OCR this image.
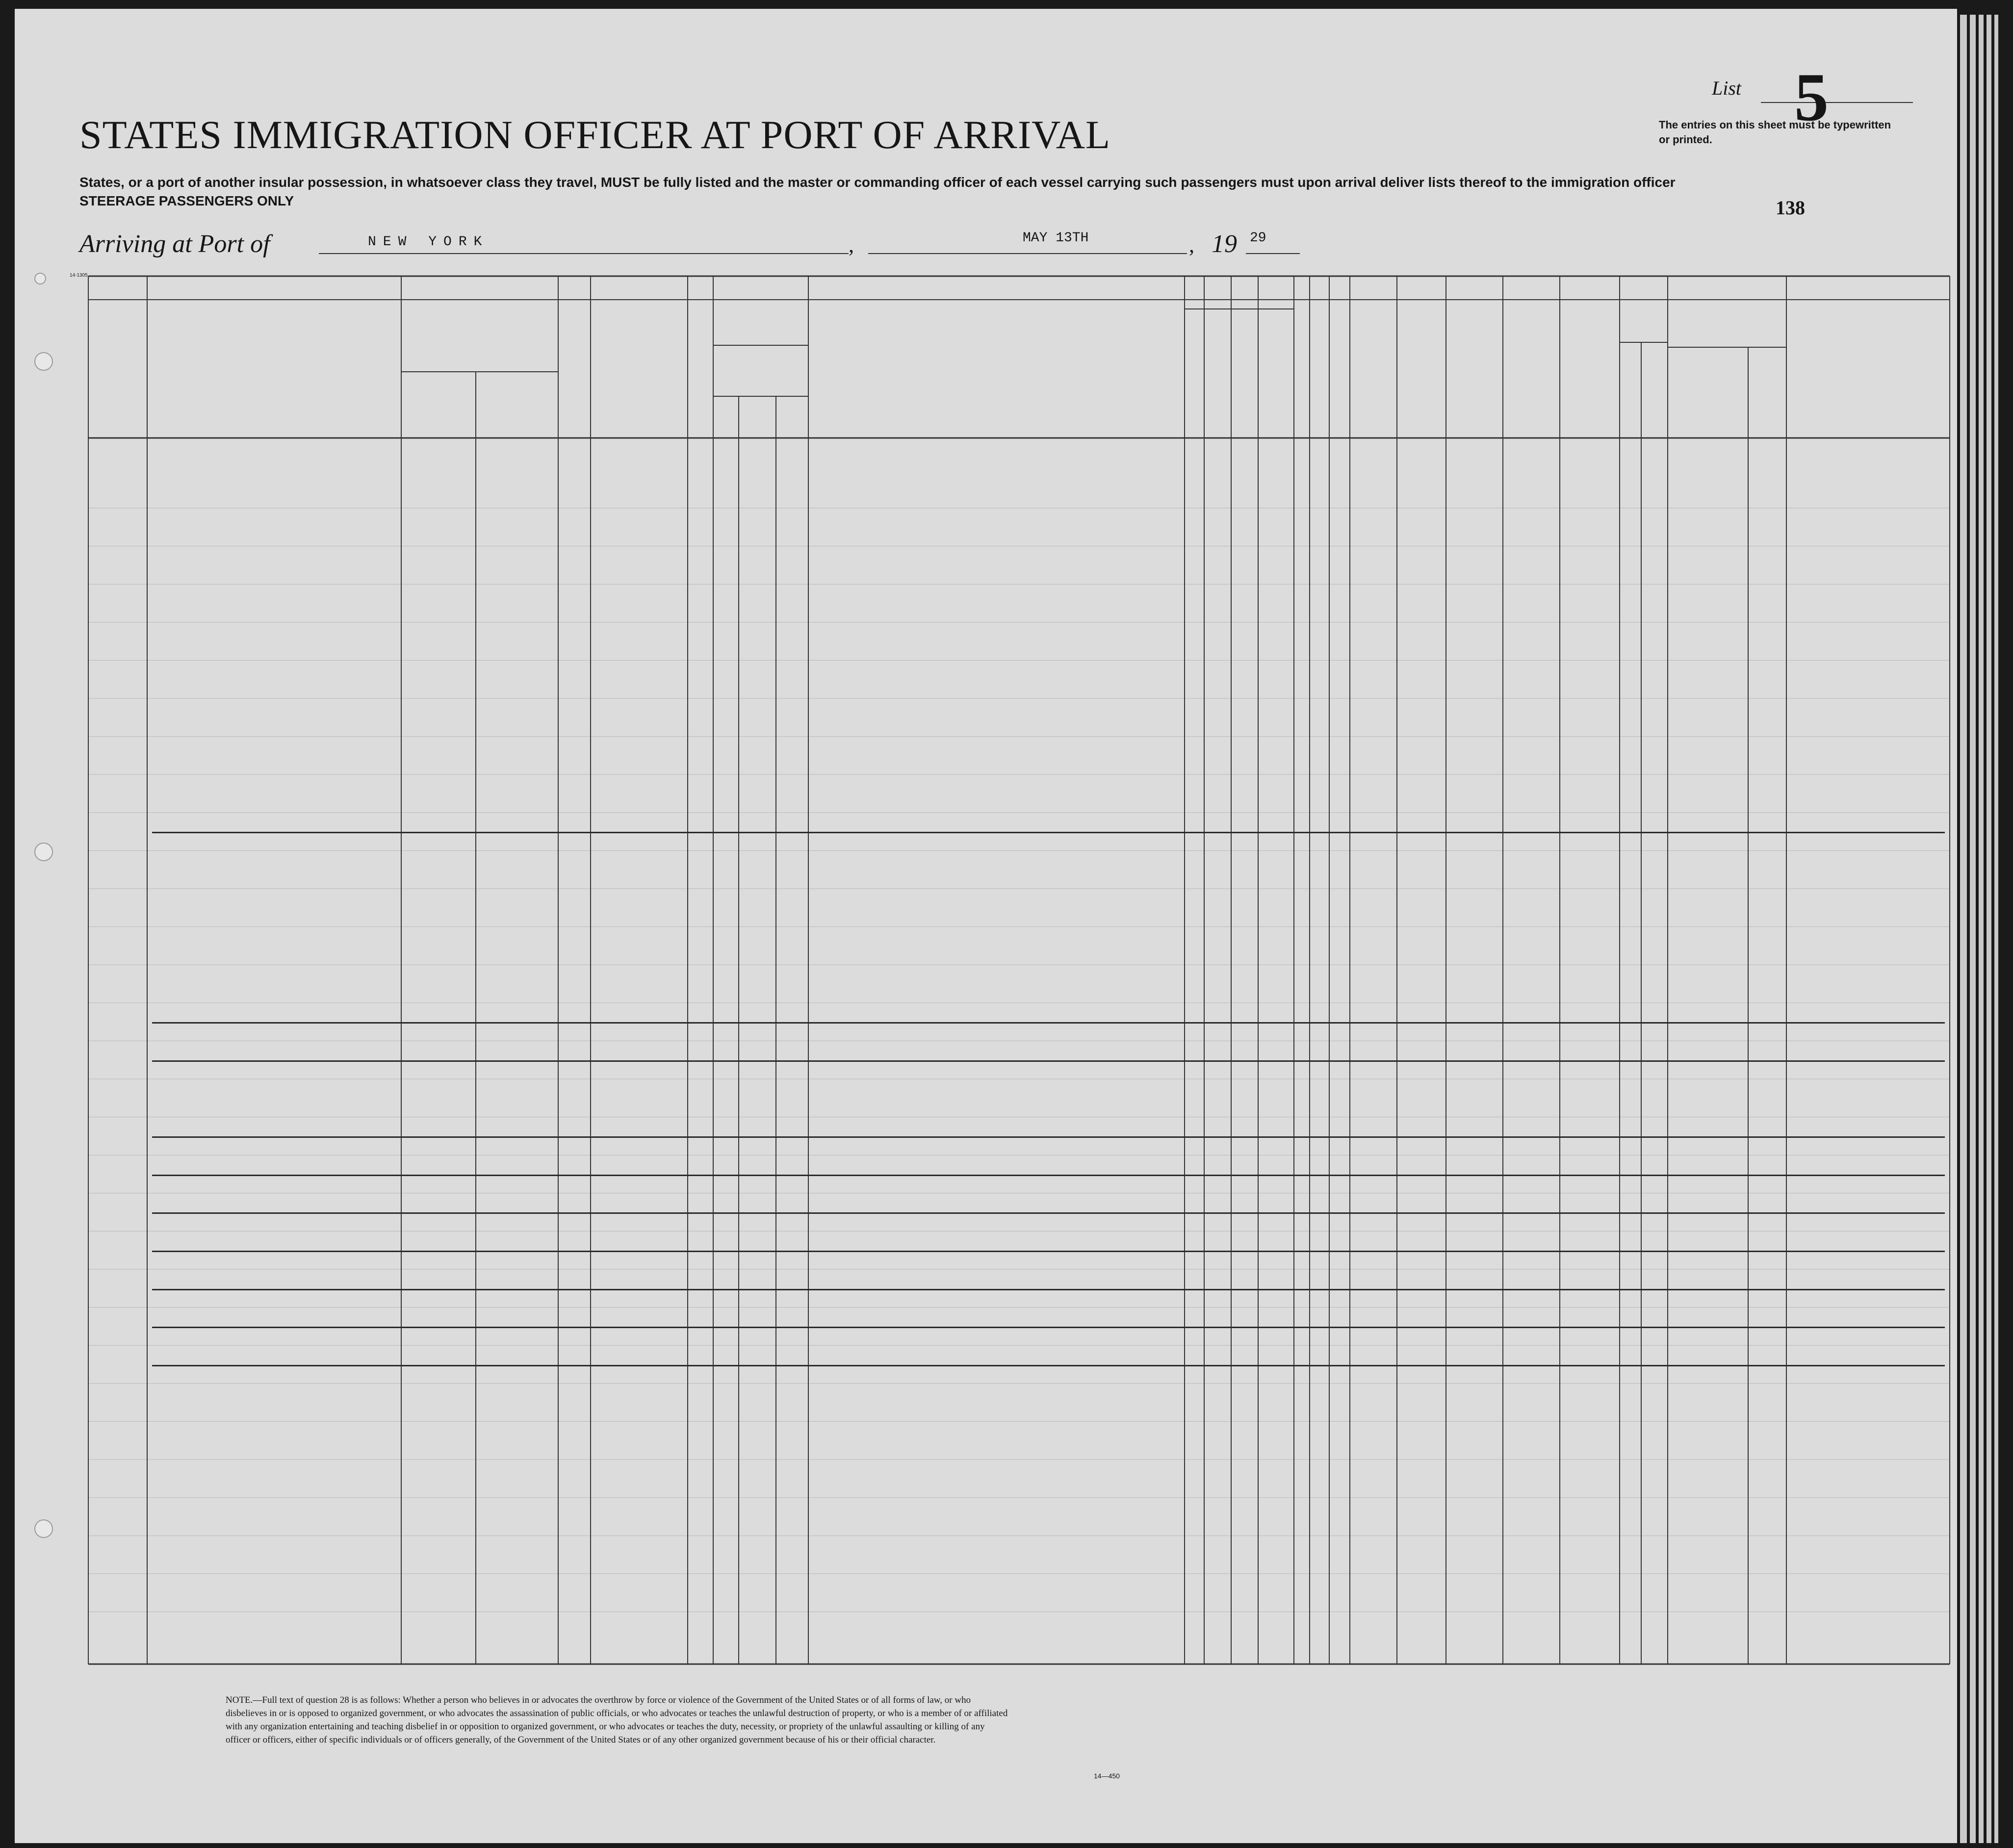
STATES IMMIGRATION OFFICER AT PORT OF ARRIVAL
States, or a port of another insular possession, in whatsoever class they travel, MUST be fully listed and the master or commanding officer of each vessel carrying such passengers must upon arrival deliver lists thereof to the immigration officer
STEERAGE PASSENGERS ONLY
Arriving at Port of	NEW YORK	,	MAY 13TH	, 19 29
List 5
The entries on this sheet must be typewritten or printed.
138
14-1305
NOTE.—Full text of question 28 is as follows: Whether a person who believes in or advocates the overthrow by force or violence of the Government of the United States or of all forms of law, or who disbelieves in or is opposed to organized government, or who advocates the assassination of public officials, or who advocates or teaches the unlawful destruction of property, or who is a member of or affiliated with any organization entertaining and teaching disbelief in or opposition to organized government, or who advocates or teaches the duty, necessity, or propriety of the unlawful assaulting or killing of any officer or officers, either of specific individuals or of officers generally, of the Government of the United States or of any other organized government because of his or their official character.
14—450
